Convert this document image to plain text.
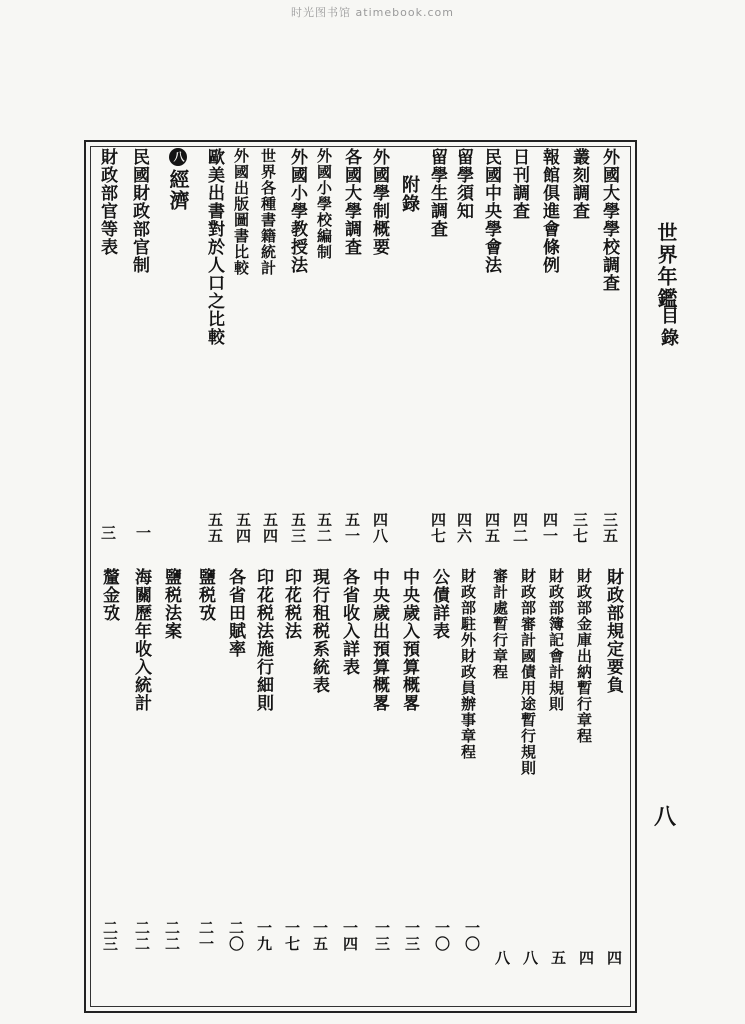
时光图书馆 atimebook.com
世界年鑑
目錄
八
外國大學學校調査
三五
叢刻調査
三七
報館俱進會條例
四一
日刊調査
四二
民國中央學會法
四五
留學須知
四六
留學生調査
四七
附錄
外國學制概要
四八
各國大學調査
五一
外國小學校編制
五二
外國小學教授法
五三
世界各種書籍統計
五四
外國出版圖書比較
五四
歐美出書對於人口之比較
五五
八經濟
民國財政部官制
一
財政部官等表
三
財政部規定要負
四
財政部金庫出納暫行章程
四
財政部簿記會計規則
五
財政部審計國債用途暫行規則
八
審計處暫行章程
八
財政部駐外財政員辦事章程
一〇
公債詳表
一〇
中央歲入預算概畧
一三
中央歲出預算概畧
一三
各省收入詳表
一四
現行租税系統表
一五
印花税法
一七
印花税法施行細則
一九
各省田賦率
二〇
鹽税攷
二一
鹽税法案
二二
海關歷年收入統計
二二
釐金攷
二三
